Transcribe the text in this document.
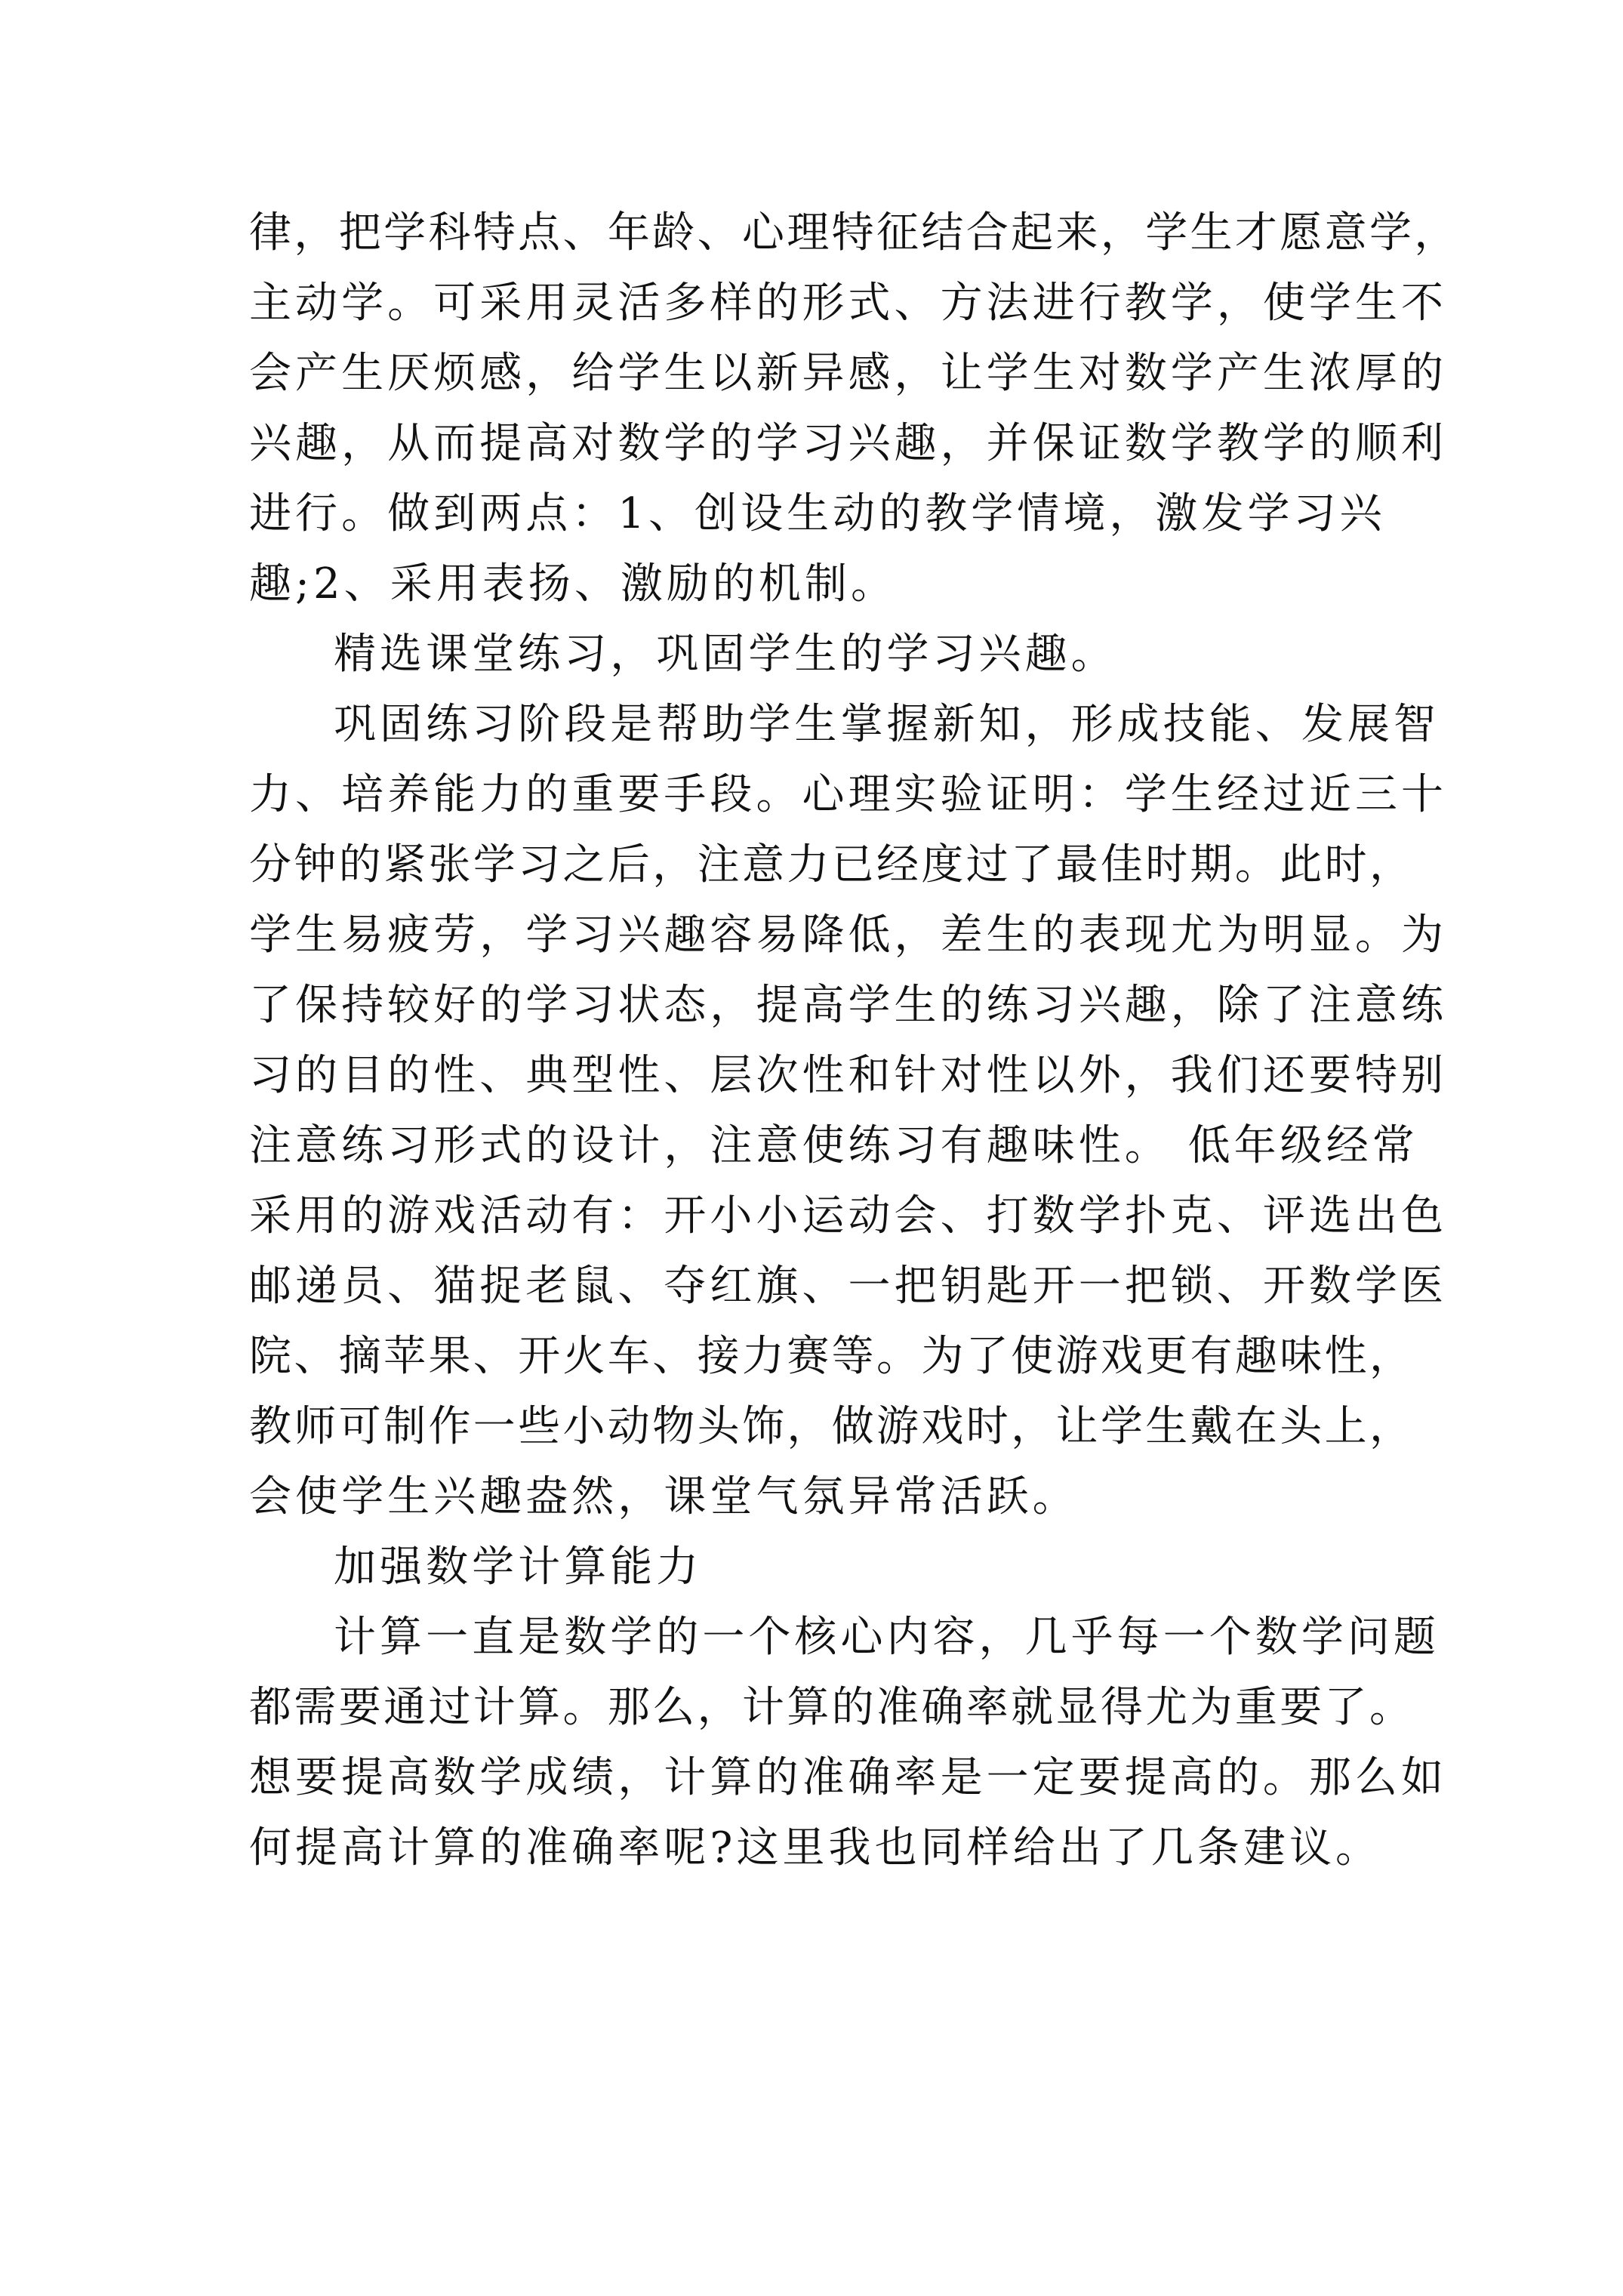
律，把学科特点、年龄、心理特征结合起来，学生才愿意学，
主动学。可采用灵活多样的形式、方法进行教学，使学生不
会产生厌烦感，给学生以新异感，让学生对数学产生浓厚的
兴趣，从而提高对数学的学习兴趣，并保证数学教学的顺利
进行。做到两点：1、创设生动的教学情境，激发学习兴
趣;2、采用表扬、激励的机制。
精选课堂练习，巩固学生的学习兴趣。
巩固练习阶段是帮助学生掌握新知，形成技能、发展智
力、培养能力的重要手段。心理实验证明：学生经过近三十
分钟的紧张学习之后，注意力已经度过了最佳时期。此时，
学生易疲劳，学习兴趣容易降低，差生的表现尤为明显。为
了保持较好的学习状态，提高学生的练习兴趣，除了注意练
习的目的性、典型性、层次性和针对性以外，我们还要特别
注意练习形式的设计，注意使练习有趣味性。 低年级经常
采用的游戏活动有：开小小运动会、打数学扑克、评选出色
邮递员、猫捉老鼠、夺红旗、一把钥匙开一把锁、开数学医
院、摘苹果、开火车、接力赛等。为了使游戏更有趣味性，
教师可制作一些小动物头饰，做游戏时，让学生戴在头上，
会使学生兴趣盎然，课堂气氛异常活跃。
加强数学计算能力
计算一直是数学的一个核心内容，几乎每一个数学问题
都需要通过计算。那么，计算的准确率就显得尤为重要了。
想要提高数学成绩，计算的准确率是一定要提高的。那么如
何提高计算的准确率呢?这里我也同样给出了几条建议。
